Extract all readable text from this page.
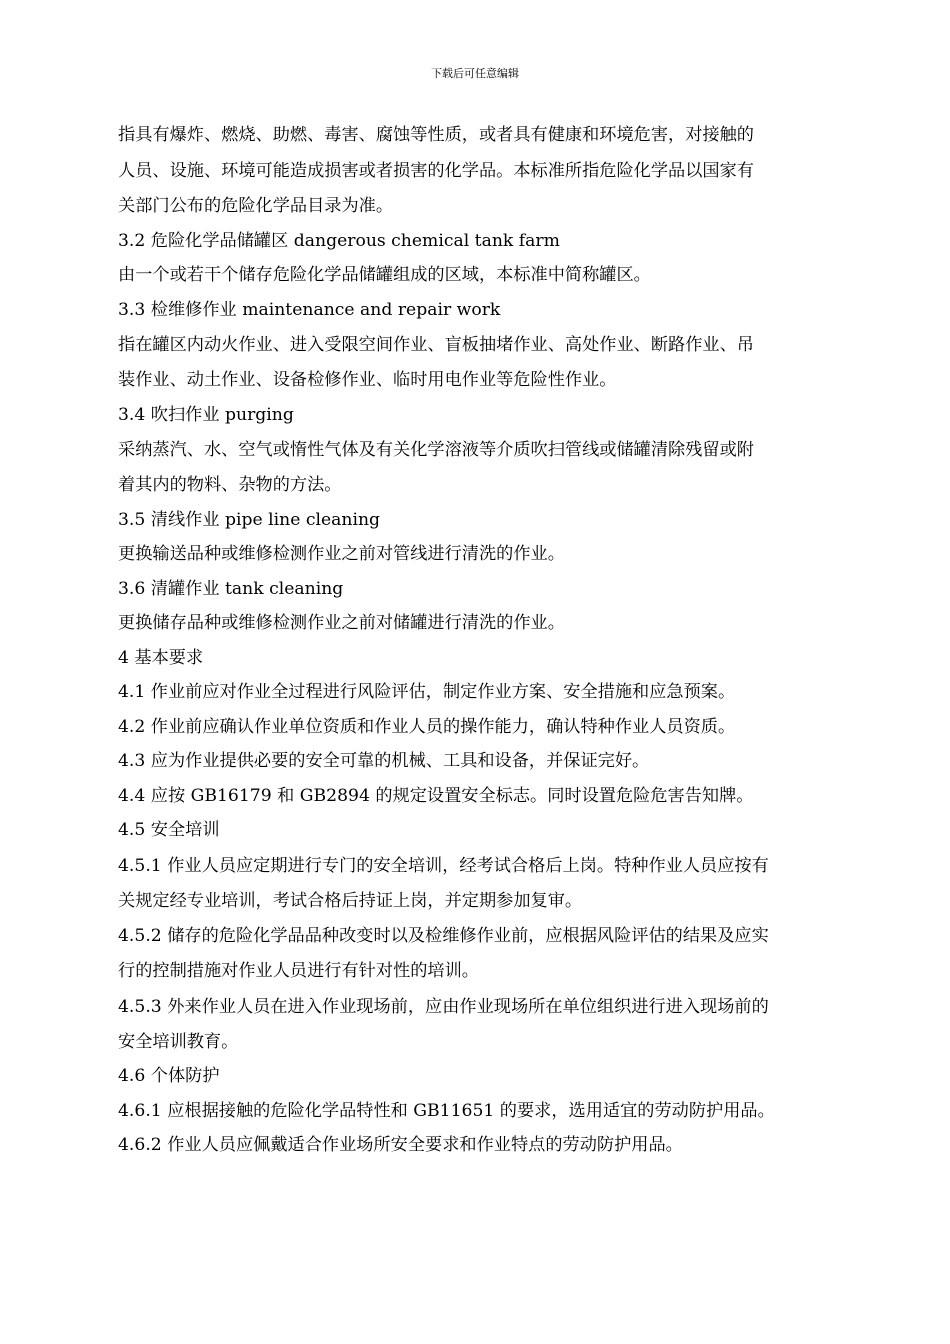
下载后可任意编辑
指具有爆炸、燃烧、助燃、毒害、腐蚀等性质，或者具有健康和环境危害，对接触的
人员、设施、环境可能造成损害或者损害的化学品。本标准所指危险化学品以国家有
关部门公布的危险化学品目录为准。
3.2 危险化学品储罐区 dangerous chemical tank farm
由一个或若干个储存危险化学品储罐组成的区域，本标准中简称罐区。
3.3 检维修作业 maintenance and repair work
指在罐区内动火作业、进入受限空间作业、盲板抽堵作业、高处作业、断路作业、吊
装作业、动土作业、设备检修作业、临时用电作业等危险性作业。
3.4 吹扫作业 purging
采纳蒸汽、水、空气或惰性气体及有关化学溶液等介质吹扫管线或储罐清除残留或附
着其内的物料、杂物的方法。
3.5 清线作业 pipe line cleaning
更换输送品种或维修检测作业之前对管线进行清洗的作业。
3.6 清罐作业 tank cleaning
更换储存品种或维修检测作业之前对储罐进行清洗的作业。
4 基本要求
4.1 作业前应对作业全过程进行风险评估，制定作业方案、安全措施和应急预案。
4.2 作业前应确认作业单位资质和作业人员的操作能力，确认特种作业人员资质。
4.3 应为作业提供必要的安全可靠的机械、工具和设备，并保证完好。
4.4 应按 GB16179 和 GB2894 的规定设置安全标志。同时设置危险危害告知牌。
4.5 安全培训
4.5.1 作业人员应定期进行专门的安全培训，经考试合格后上岗。特种作业人员应按有
关规定经专业培训，考试合格后持证上岗，并定期参加复审。
4.5.2 储存的危险化学品品种改变时以及检维修作业前，应根据风险评估的结果及应实
行的控制措施对作业人员进行有针对性的培训。
4.5.3 外来作业人员在进入作业现场前，应由作业现场所在单位组织进行进入现场前的
安全培训教育。
4.6 个体防护
4.6.1 应根据接触的危险化学品特性和 GB11651 的要求，选用适宜的劳动防护用品。
4.6.2 作业人员应佩戴适合作业场所安全要求和作业特点的劳动防护用品。
